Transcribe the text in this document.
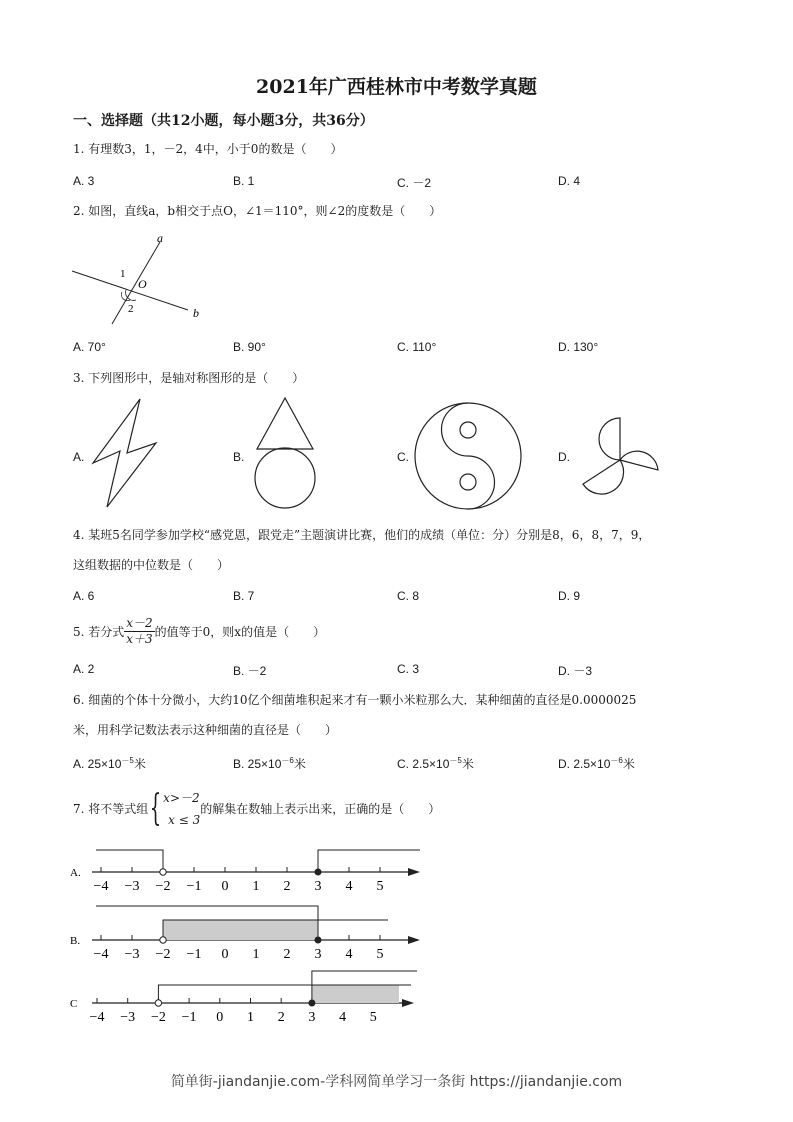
2021年广西桂林市中考数学真题
一、选择题（共12小题，每小题3分，共36分）
1. 有理数3，1，－2，4中，小于0的数是（　　）
A. 3	B. 1	C. －2	D. 4
2. 如图，直线a，b相交于点O，∠1＝110°，则∠2的度数是（　　）
a
b
O
1
2
A. 70°	B. 90°	C. 110°	D. 130°
3. 下列图形中，是轴对称图形的是（　　）
A.	B.	C.	D.
4. 某班5名同学参加学校“感党恩，跟党走”主题演讲比赛，他们的成绩（单位：分）分别是8，6，8，7，9，
这组数据的中位数是（　　）
A. 6	B. 7	C. 8	D. 9
5. 若分式 $\frac{x-2}{x+3}$ 的值等于0，则x的值是（　　）
A. 2	B. －2	C. 3	D. －3
6. 细菌的个体十分微小，大约10亿个细菌堆积起来才有一颗小米粒那么大．某种细菌的直径是0.0000025
米，用科学记数法表示这种细菌的直径是（　　）
A. $25\times 10^{-5}$米	B. $25\times 10^{-6}$米	C. $2.5\times 10^{-5}$米	D. $2.5\times 10^{-6}$米
7. 将不等式组 { x>－2
x ≤ 3
的解集在数轴上表示出来，正确的是（　　）
A.
−4 −3 −2 −1 0 1 2 3 4 5
B.
−4 −3 −2 −1 0 1 2 3 4 5
C
−4 −3 −2 −1 0 1 2 3 4 5
简单街-jiandanjie.com-学科网简单学习一条街 https://jiandanjie.com
